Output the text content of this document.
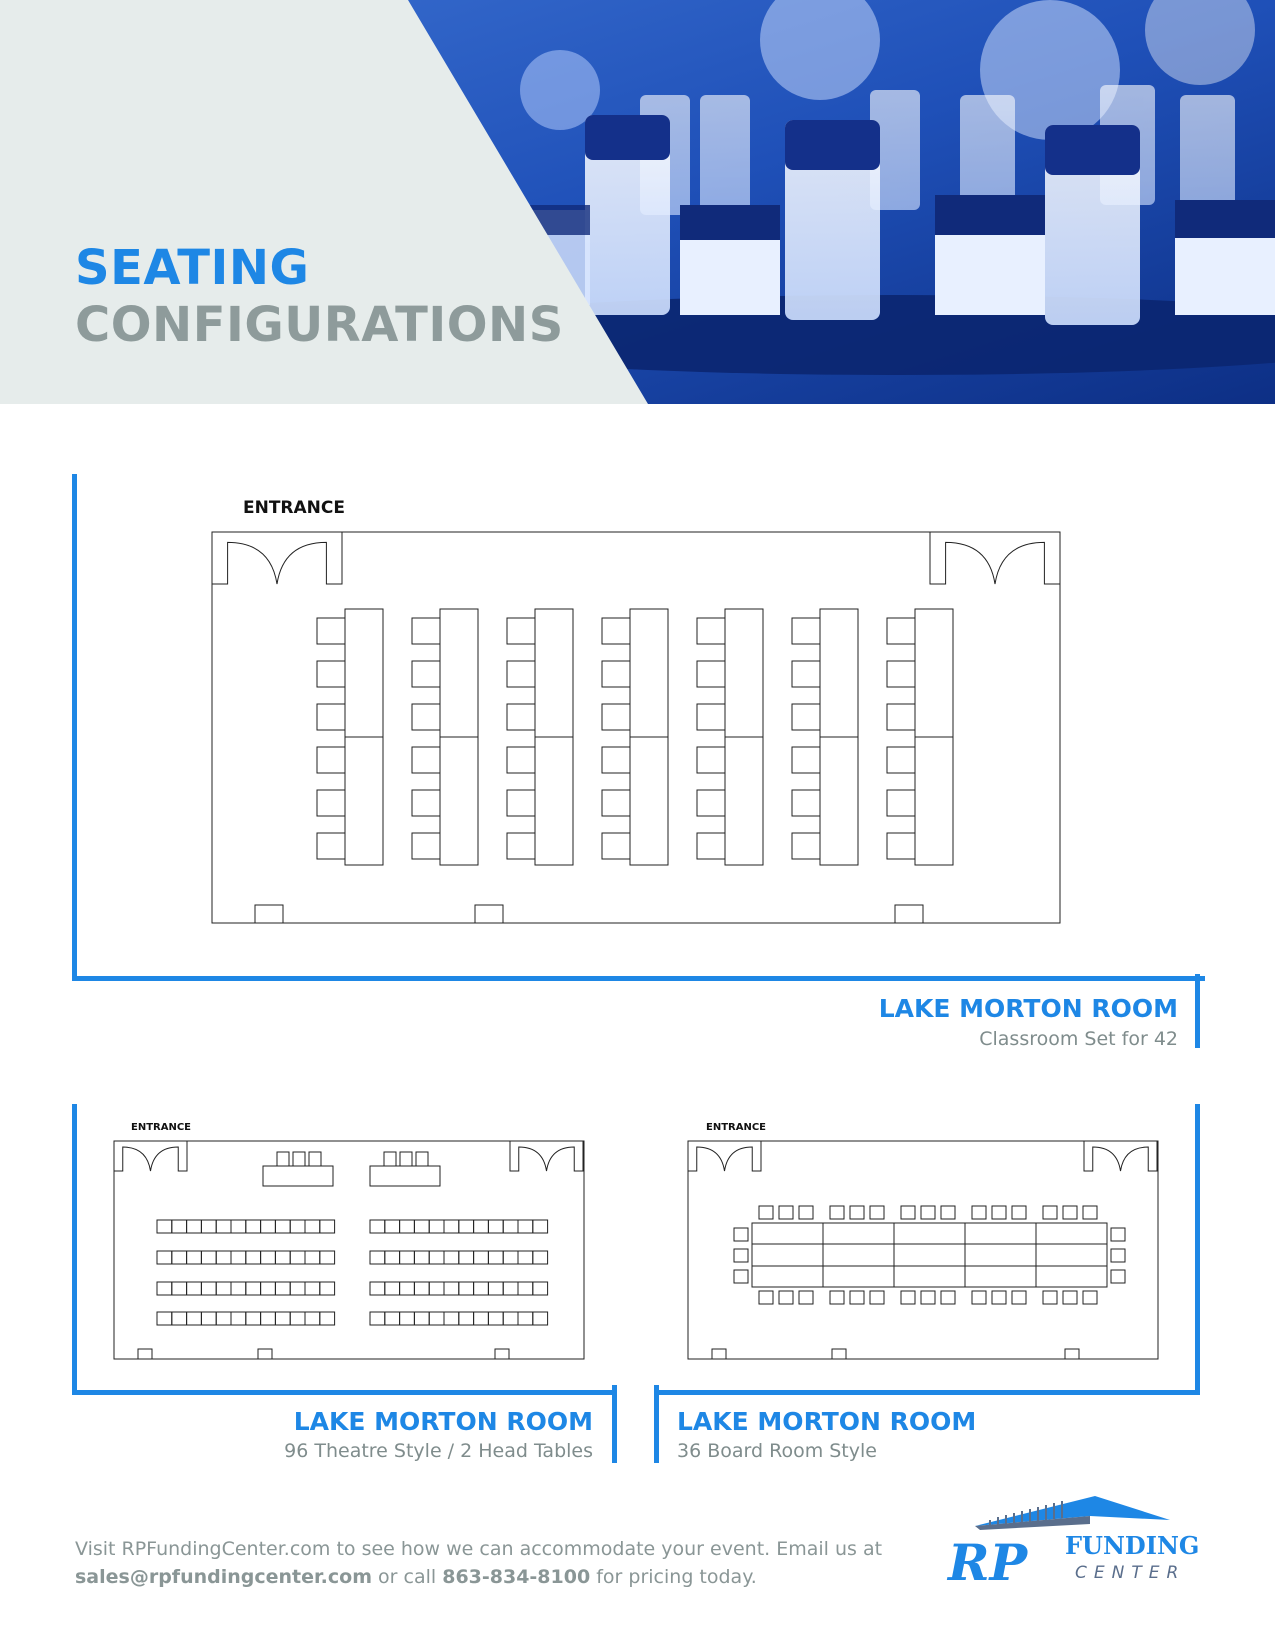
SEATING
CONFIGURATIONS
ENTRANCE
LAKE MORTON ROOM
Classroom Set for 42
ENTRANCE
LAKE MORTON ROOM
96 Theatre Style / 2 Head Tables
ENTRANCE
LAKE MORTON ROOM
36 Board Room Style
Visit RPFundingCenter.com to see how we can accommodate your event. Email us at
sales@rpfundingcenter.com or call 863-834-8100 for pricing today.	RP FUNDING
CENTER
